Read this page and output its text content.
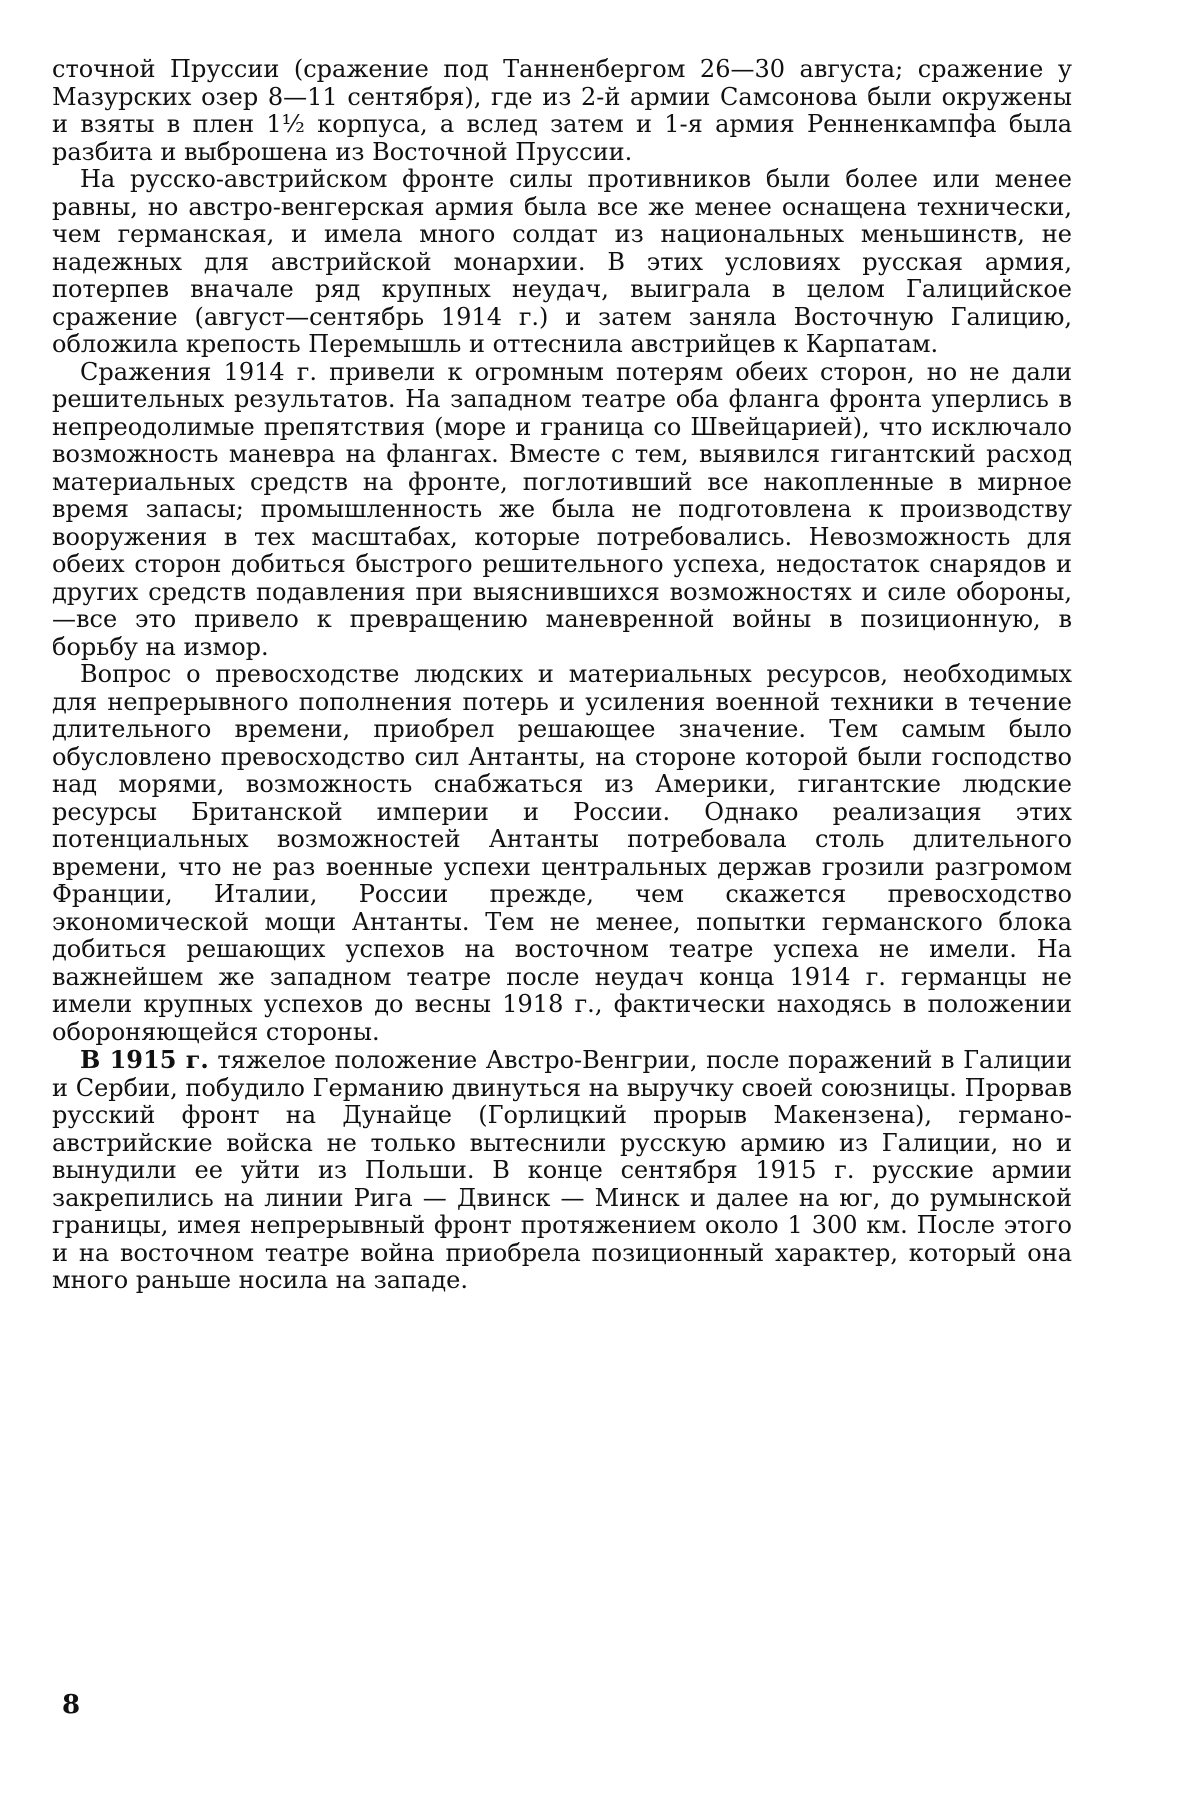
сточной Пруссии (сражение под Танненбергом 26—30 августа; сражение у Мазурских озер 8—11 сентября), где из 2-й армии Самсонова были окружены и взяты в плен 1½ корпуса, а вслед затем и 1-я армия Ренненкампфа была разбита и выброшена из Восточной Пруссии.

На русско-австрийском фронте силы противников были более или менее равны, но австро-венгерская армия была все же менее оснащена технически, чем германская, и имела много солдат из национальных меньшинств, не надежных для австрийской монархии. В этих условиях русская армия, потерпев вначале ряд крупных неудач, выиграла в целом Галицийское сражение (август—сентябрь 1914 г.) и затем заняла Восточную Галицию, обложила крепость Перемышль и оттеснила австрийцев к Карпатам.

Сражения 1914 г. привели к огромным потерям обеих сторон, но не дали решительных результатов. На западном театре оба фланга фронта уперлись в непреодолимые препятствия (море и граница со Швейцарией), что исключало возможность маневра на флангах. Вместе с тем, выявился гигантский расход материальных средств на фронте, поглотивший все накопленные в мирное время запасы; промышленность же была не подготовлена к производству вооружения в тех масштабах, которые потребовались. Невозможность для обеих сторон добиться быстрого решительного успеха, недостаток снарядов и других средств подавления при выяснившихся возможностях и силе обороны,—все это привело к превращению маневренной войны в позиционную, в борьбу на измор.

Вопрос о превосходстве людских и материальных ресурсов, необходимых для непрерывного пополнения потерь и усиления военной техники в течение длительного времени, приобрел решающее значение. Тем самым было обусловлено превосходство сил Антанты, на стороне которой были господство над морями, возможность снабжаться из Америки, гигантские людские ресурсы Британской империи и России. Однако реализация этих потенциальных возможностей Антанты потребовала столь длительного времени, что не раз военные успехи центральных держав грозили разгромом Франции, Италии, России прежде, чем скажется превосходство экономической мощи Антанты. Тем не менее, попытки германского блока добиться решающих успехов на восточном театре успеха не имели. На важнейшем же западном театре после неудач конца 1914 г. германцы не имели крупных успехов до весны 1918 г., фактически находясь в положении обороняющейся стороны.

В 1915 г. тяжелое положение Австро-Венгрии, после поражений в Галиции и Сербии, побудило Германию двинуться на выручку своей союзницы. Прорвав русский фронт на Дунайце (Горлицкий прорыв Макензена), германо-австрийские войска не только вытеснили русскую армию из Галиции, но и вынудили ее уйти из Польши. В конце сентября 1915 г. русские армии закрепились на линии Рига — Двинск — Минск и далее на юг, до румынской границы, имея непрерывный фронт протяжением около 1 300 км. После этого и на восточном театре война приобрела позиционный характер, который она много раньше носила на западе.

8
